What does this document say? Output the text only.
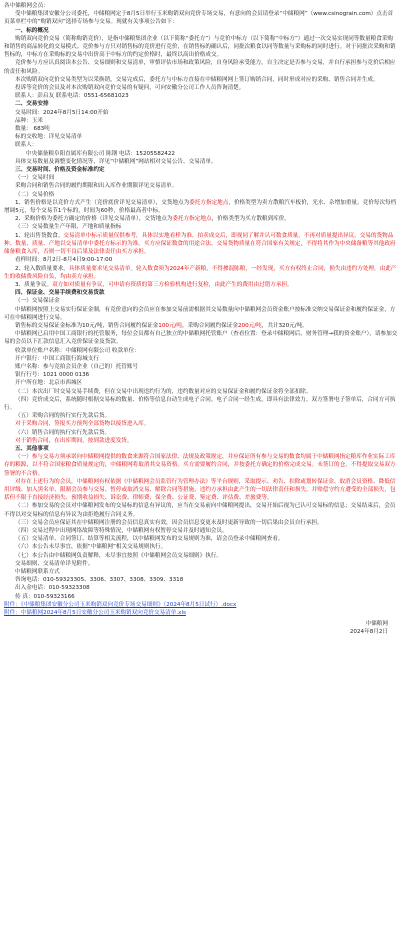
各中储粮网会员：

受中储粮集团安徽分公司委托，中储粮网定于8月5日举行玉米购销双向竞价专场交易，有意向的会员请登录“中储粮网”（www.csinograin.com）点击首页菜单栏中的“购销双向”选择专场参与交易。现就有关事项公告如下：

一、标的概况

购销双向竞价交易（简称购销竞价），是指中储粮集团企业（以下简称“委托方”）与竞价中标方（以下简称“中标方”）通过一次交易实现同等数量粮食采购和销售的商品转化的交易模式。竞价参与方只对销售标的竞价进行竞价，在销售标的确认后，同批次粮食以同等数量与采购标的同时进行。对于同批次采购和销售标的，中标方在采购标的交易中出价高于中标方的约定价格时，最终以高出价格成交。

竞价参与方应认真阅读本公告、交易细则和交易清单，审慎评估市场和政策风险，自身风险承受能力，自主决定是否参与交易，并自行承担参与竞价后相应的责任和风险。

本次购销双向竞价交易类型为以采换销，交易完成后，委托方与中标方直接在中储粮网网上签订购销合同，同时形成对应的采购、销售合同并生成。

投诉等竞价的会员及对本次购销双向竞价交易的有疑问，可向安徽分公司工作人员咨询清楚。

联系人：彭启友 联系电话：0551-65681023

二、交易安排

交易时间：2024年8月5日14:00开始

品种：玉米

数量： 683吨

标的交收地：详见交易清单

联系人：

中央储备粮阜阳直属库有限公司 陈钢 电话：15205582422

具体交易数量及调整变化情况等，详见“中储粮网”网站相对交易公告、交易清单。

三、交易时间、价格及资金标准约定

（一）交易时间

采购合同和销售合同的履约期限和出入库作业期限详见交易清单。

（二）交易价格

1、销售价格是以竞价方式产生（竞价底价详见交易清单），交货地点为委托方指定地点，价格类型为卖方散粮汽车板价，光水、杂增加重量。竞价每次每档增调5元，每个交易节1个标的，时间为60秒，价格最高者中标。

2、采购价格为委托方确定的价格（详见交易清单），交货地点为委托方指定地点，价格类型为买方散粮到库价。

（三）交易数量生产年限、产地和质量指标

1、轮出售货数食。交易清单中标示质量仅供参考，具体以实地看样为准，拍卖成交后，即视同了解并认可数食质量，不再对质量提出异议。交易的货物品种、数量、质量、产地以交易清单中委托方标示的为准。买方应保证数食的用途合法，交易货物质量在符合国家有关规定，不得将其作为中央储备粮等其他政府储备粮食入库，否则一切不良后果及法律责任由买方承担。

看样时间：8月2日-8月4日9:00-17:00

2、轮入数质量要求。具体质量要求见交易清单。轮入数食须为2024年产新粮，不得掺混陈粮，一经发现，买方有权终止合同，损失由违约方处理，由此产生的收储费风险自负，均由卖方承担。

3、质量争议。双方如对质量有争议，可申请有资质的第三方检验机构进行复检，由此产生的费用由过错方承担。

四、保证金、交易手续费和交易货款

（一）交易保证金

中储粮网按照上交易实行保证金制，有竞价意向的会员应在参加交易前需根据其交易数量向中储粮网会员资金账户按标准交纳交易保证金和履约保证金，方可在中储粮网进行交易。

销售标的交易保证金标准为10元/吨，销售合同履约保证金100元/吨，采购合同履约保证金200元/吨，共计320元/吨。

中储粮网已启用中国工商银行的托管服务，每位会员都有自己独立的中储粮网托管账户（查看位置：登录中储粮网后，财务管理→我的资金账户），请参加交易的会员以下汇款信息汇入竞价保证金及货款。

收款单位账户名称：中储粮网有限公司 收款单位：

开户银行：中国工商银行海城支行

账户名称：参与竞拍会员企业（自己的）托管账号

银行行号：1021 0000 0136

开户所在地：北京市西城区

（二）本次出厂时交易交易手续费，但在交易中出现违约行为的，违约数量对应的交易保证金和履约保证金将全部扣除。

（四）竞价成交后，系统随时根据交易标的数量、价格等信息自动生成电子合同。电子合同一经生成，即具有法律效力。双方签署电子签单后，合同方可执行。

（五）采购合同的执行实行先款后货。

对于采购合同，签报买方预判全部货物以接货进入库。

（六）销售合同的执行实行先款后货。

对于销售合同，在出库期间，按到款进度发货。

五、其他事项

（一）参与交易方须承诺向中储粮网提供的数食来源符合国家法律、法规及政策规定，并应保证所有参与交易的数食均属于中储粮网指定粮库作业实际工库存的粮源，以不符合国家粮食质量规定的，中储粮网将取消其交易资格。买方需要履约合同，并按委托方确定的价格完成交易。未签订的仓，不得提取交易双方签署的不合格。

对存在上述行为的会员，中储粮网有权依据《中储粮网会员监管行为管理办法》等平台规则，采取提示、劝告、扣除或划转保证金、取消会员资格、降低信用评级、加入黑名单、限制会员参与交易、暂停或取消交易、解除合同等措施，违约方承担由此产生的一切法律责任和损失，并赔偿守约方遭受的全部损失，包括但不限于直接经济损失、预期收益损失、诉讼费、律师费、保全费、公证费、鉴定费、评估费、差旅费等。

（二）参加交易的会员对中储粮网发布的交易标的信息有异议的，应当在交易前向中储粮网提出，交易开始后视为已认可交易标的信息；交易结束后，会员不得以对交易标的信息有异议为由拒绝履行合同义务。

（三）交易会员应保证其在中储粮网注册的会员信息真实有效，因会员信息变更未及时更新导致的一切后果由会员自行承担。

（四）交易过程中出现网络故障等特殊情况，中储粮网有权暂停交易并及时通知会员。

（五）交易清单、合同签订、结算等相关流程，以中储粮网发布的交易规则为准，请会员登录中储粮网查看。

（六）本公告未尽事宜，依据“中储粮网”相关交易规则执行。

（七）本公告由中储粮网负责解释，未尽事宜按照《中储粮网会员交易细则》执行。

交易细则、交易清单详见附件。

中储粮网联系方式

咨询电话：010-59323305、3306、3307、3308、3309、3318

出入金电话：010-59323308

传 真：010-59323166

附件：《中储粮集团安徽分公司玉米购销双向竞价专场交易细则》（2024年8月5日试行）.docx

附件：中储粮网2024年8月5日安徽分公司玉米购销双向竞价交易清单.xls

中储粮网

2024年8月2日
